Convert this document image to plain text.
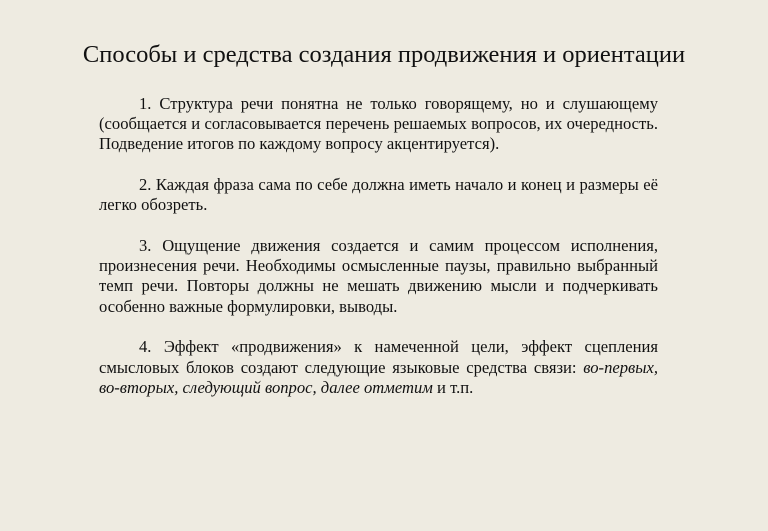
Способы и средства создания продвижения и ориентации

1. Структура речи понятна не только говорящему, но и слушающему (сообщается и согласовывается перечень решаемых вопросов, их очередность. Подведение итогов по каждому вопросу акцентируется).

2. Каждая фраза сама по себе должна иметь начало и конец и размеры её легко обозреть.

3. Ощущение движения создается и самим процессом исполнения, произнесения речи. Необходимы осмысленные паузы, правильно выбранный темп речи. Повторы должны не мешать движению мысли и подчеркивать особенно важные формулировки, выводы.

4. Эффект «продвижения» к намеченной цели, эффект сцепления смысловых блоков создают следующие языковые средства связи: во-первых, во-вторых, следующий вопрос, далее отметим и т.п.
